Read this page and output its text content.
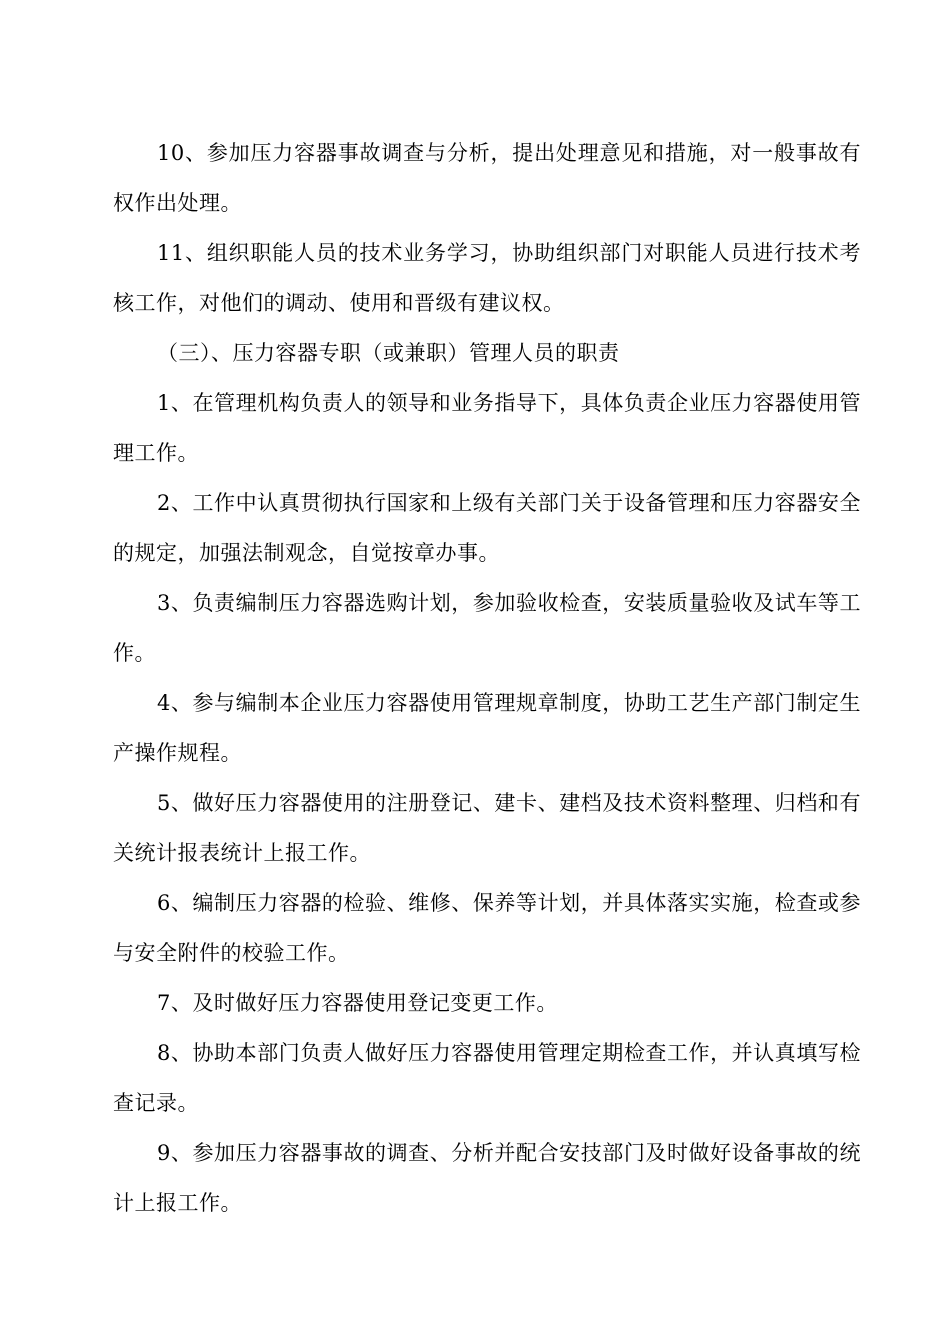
10、参加压力容器事故调查与分析，提出处理意见和措施，对一般事故有权作出处理。

11、组织职能人员的技术业务学习，协助组织部门对职能人员进行技术考核工作，对他们的调动、使用和晋级有建议权。

（三）、压力容器专职（或兼职）管理人员的职责

1、在管理机构负责人的领导和业务指导下，具体负责企业压力容器使用管理工作。

2、工作中认真贯彻执行国家和上级有关部门关于设备管理和压力容器安全的规定，加强法制观念，自觉按章办事。

3、负责编制压力容器选购计划，参加验收检查，安装质量验收及试车等工作。

4、参与编制本企业压力容器使用管理规章制度，协助工艺生产部门制定生产操作规程。

5、做好压力容器使用的注册登记、建卡、建档及技术资料整理、归档和有关统计报表统计上报工作。

6、编制压力容器的检验、维修、保养等计划，并具体落实实施，检查或参与安全附件的校验工作。

7、及时做好压力容器使用登记变更工作。

8、协助本部门负责人做好压力容器使用管理定期检查工作，并认真填写检查记录。

9、参加压力容器事故的调查、分析并配合安技部门及时做好设备事故的统计上报工作。
